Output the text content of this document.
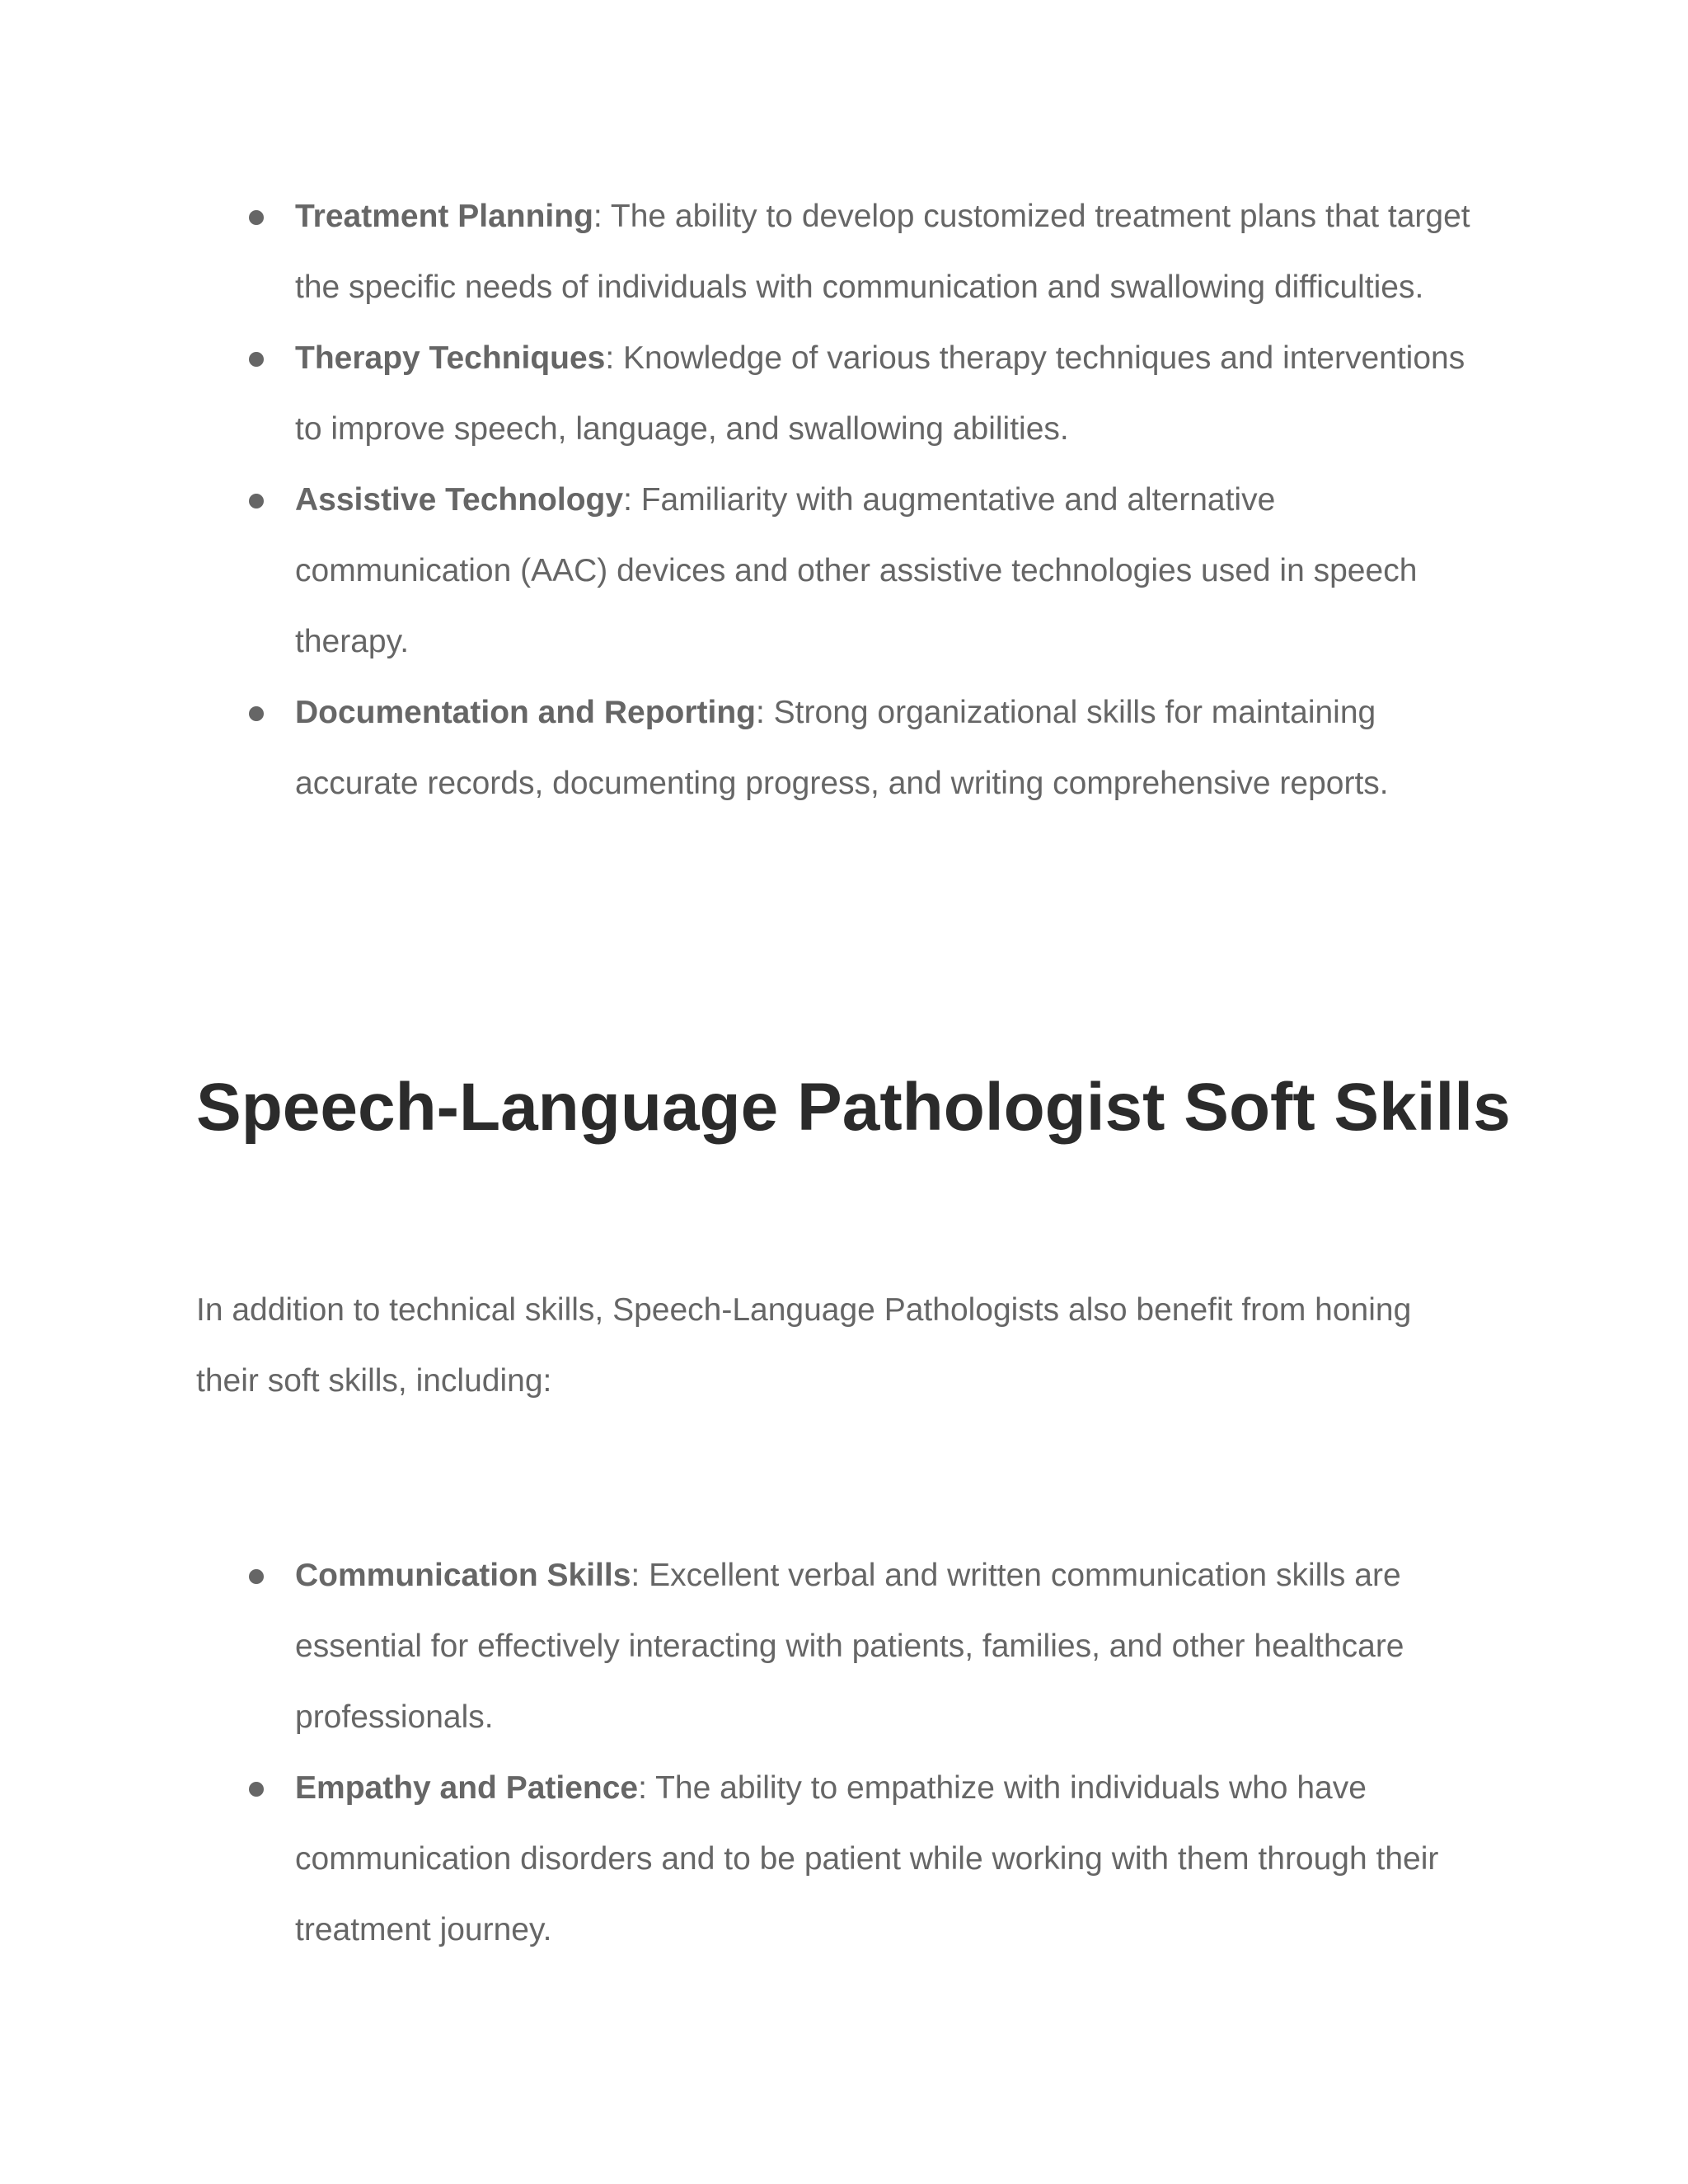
Treatment Planning: The ability to develop customized treatment plans that target the specific needs of individuals with communication and swallowing difficulties.
Therapy Techniques: Knowledge of various therapy techniques and interventions to improve speech, language, and swallowing abilities.
Assistive Technology: Familiarity with augmentative and alternative communication (AAC) devices and other assistive technologies used in speech therapy.
Documentation and Reporting: Strong organizational skills for maintaining accurate records, documenting progress, and writing comprehensive reports.
Speech-Language Pathologist Soft Skills

In addition to technical skills, Speech-Language Pathologists also benefit from honing their soft skills, including:

Communication Skills: Excellent verbal and written communication skills are essential for effectively interacting with patients, families, and other healthcare professionals.
Empathy and Patience: The ability to empathize with individuals who have communication disorders and to be patient while working with them through their treatment journey.
